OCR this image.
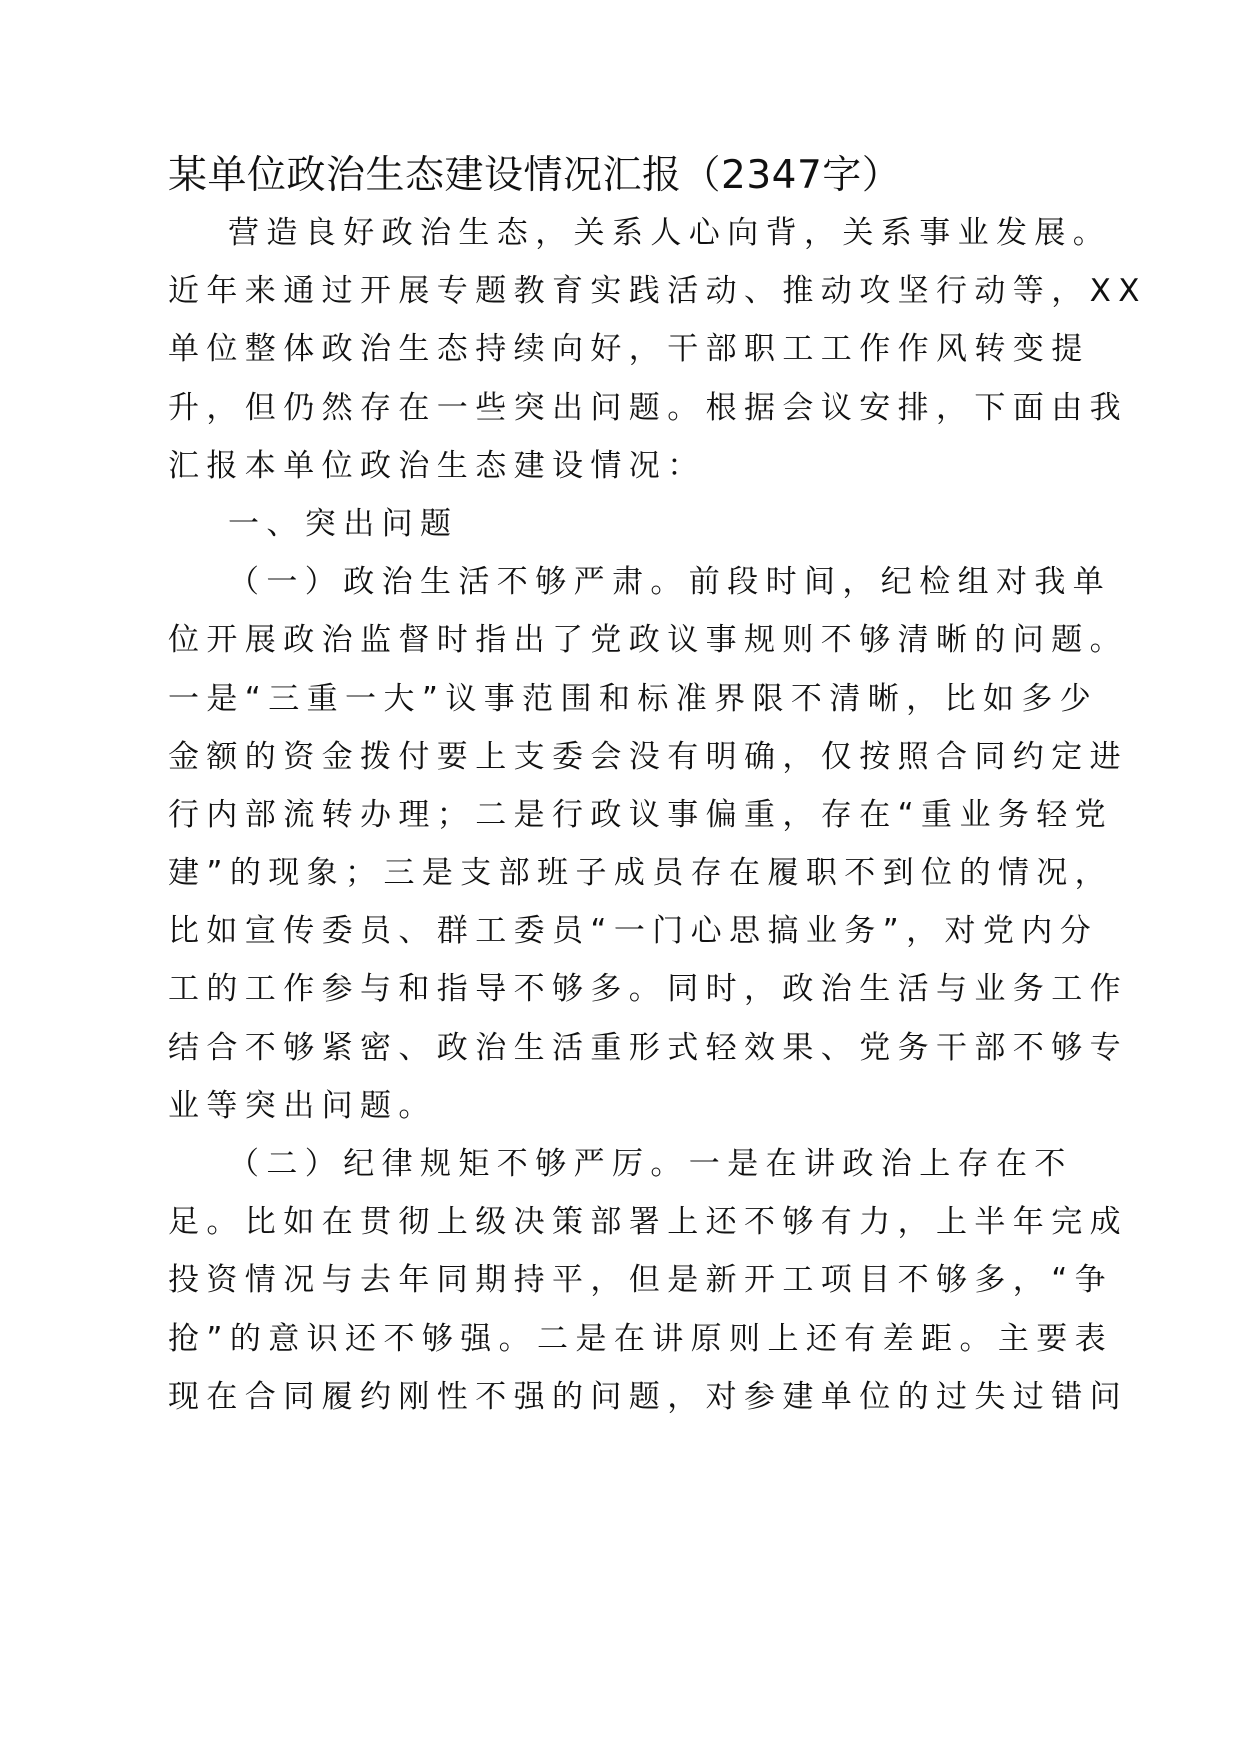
某单位政治生态建设情况汇报（2347字）
营造良好政治生态，关系人心向背，关系事业发展。
近年来通过开展专题教育实践活动、推动攻坚行动等，XX
单位整体政治生态持续向好，干部职工工作作风转变提
升，但仍然存在一些突出问题。根据会议安排，下面由我
汇报本单位政治生态建设情况：
一、突出问题
（一）政治生活不够严肃。前段时间，纪检组对我单
位开展政治监督时指出了党政议事规则不够清晰的问题。
一是“三重一大”议事范围和标准界限不清晰，比如多少
金额的资金拨付要上支委会没有明确，仅按照合同约定进
行内部流转办理；二是行政议事偏重，存在“重业务轻党
建”的现象；三是支部班子成员存在履职不到位的情况，
比如宣传委员、群工委员“一门心思搞业务”，对党内分
工的工作参与和指导不够多。同时，政治生活与业务工作
结合不够紧密、政治生活重形式轻效果、党务干部不够专
业等突出问题。
（二）纪律规矩不够严厉。一是在讲政治上存在不
足。比如在贯彻上级决策部署上还不够有力，上半年完成
投资情况与去年同期持平，但是新开工项目不够多，“争
抢”的意识还不够强。二是在讲原则上还有差距。主要表
现在合同履约刚性不强的问题，对参建单位的过失过错问
